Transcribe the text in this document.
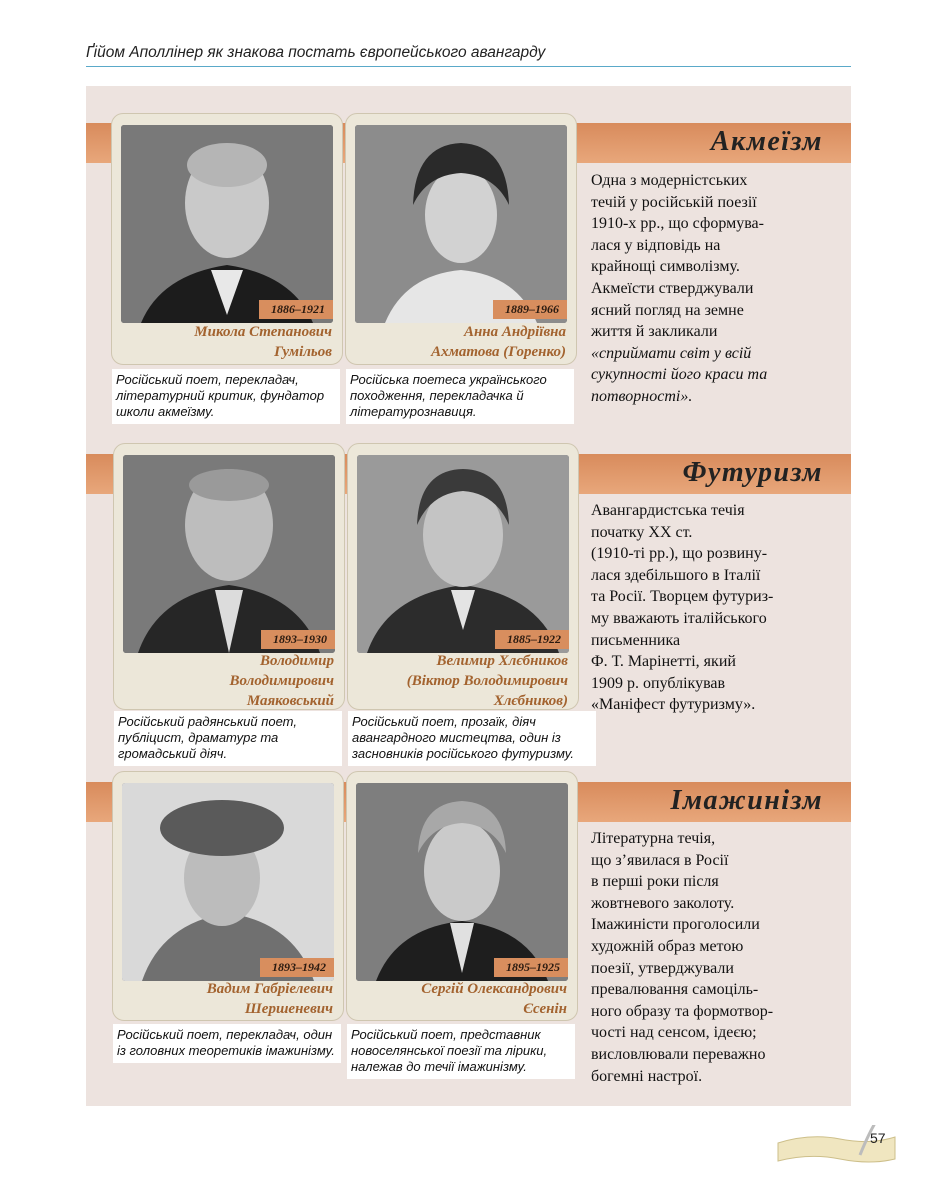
Ґійом Аполлінер як знакова постать європейського авангарду
Акмеїзм
1886–1921
Микола Степанович
Гумільов
1889–1966
Анна Андріївна
Ахматова (Горенко)
Російський поет, перекладач, літературний критик, фундатор школи акмеїзму.
Російська поетеса українського походження, перекладачка й літературознавиця.
Одна з модерністських
течій у російській поезії
1910-х рр., що сформува-
лася у відповідь на
крайнощі символізму.
Акмеїсти стверджували
ясний погляд на земне
життя й закликали
«сприймати світ у всій
сукупності його краси та
потворності».
Футуризм
1893–1930
Володимир
Володимирович
Маяковський
1885–1922
Велимир Хлєбников
(Віктор Володимирович
Хлєбников)
Російський радянський поет, публіцист, драматург та громадський діяч.
Російський поет, прозаїк, діяч авангардного мистецтва, один із засновників російського футуризму.
Авангардистська течія
початку ХХ ст.
(1910-ті рр.), що розвину-
лася здебільшого в Італії
та Росії. Творцем футуриз-
му вважають італійського
письменника
Ф. Т. Марінетті, який
1909 р. опублікував
«Маніфест футуризму».
Імажинізм
1893–1942
Вадим Габріелевич
Шершеневич
1895–1925
Сергій Олександрович
Єсенін
Російський поет, перекладач, один із головних теоретиків імажинізму.
Російський поет, представник новоселянської поезії та лірики, належав до течії імажинізму.
Літературна течія,
що з’явилася в Росії
в перші роки після
жовтневого заколоту.
Імажиністи проголосили
художній образ метою
поезії, утверджували
превалювання самоціль-
ного образу та формотвор-
чості над сенсом, ідеєю;
висловлювали переважно
богемні настрої.
57
